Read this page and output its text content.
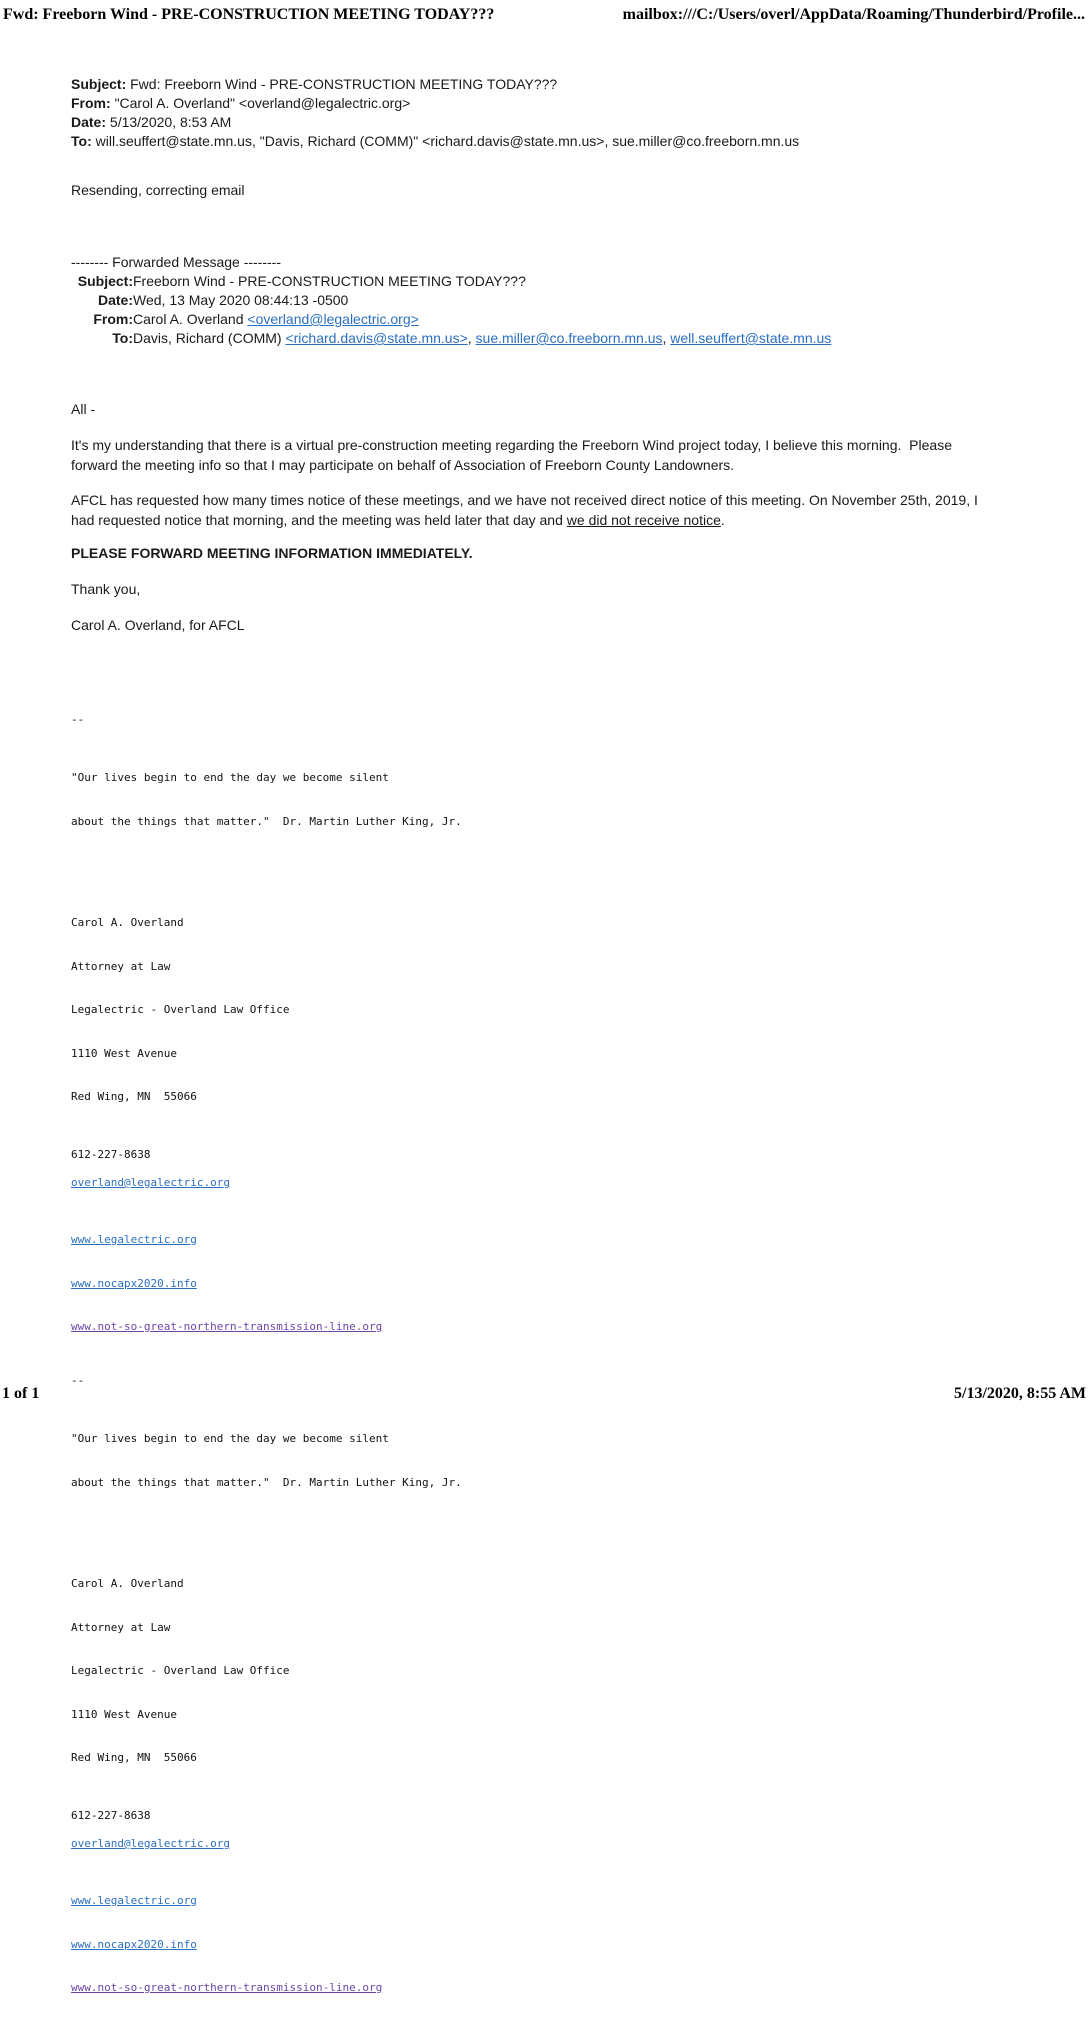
Fwd: Freeborn Wind - PRE-CONSTRUCTION MEETING TODAY???	mailbox:///C:/Users/overl/AppData/Roaming/Thunderbird/Profile...
Subject: Fwd: Freeborn Wind - PRE-CONSTRUCTION MEETING TODAY???
From: "Carol A. Overland" <overland@legalectric.org>
Date: 5/13/2020, 8:53 AM
To: will.seuffert@state.mn.us, "Davis, Richard (COMM)" <richard.davis@state.mn.us>, sue.miller@co.freeborn.mn.us
Resending, correcting email
-------- Forwarded Message --------
Subject: Freeborn Wind - PRE-CONSTRUCTION MEETING TODAY???
Date: Wed, 13 May 2020 08:44:13 -0500
From: Carol A. Overland <overland@legalectric.org>
To: Davis, Richard (COMM) <richard.davis@state.mn.us>, sue.miller@co.freeborn.mn.us, well.seuffert@state.mn.us
All -
It's my understanding that there is a virtual pre-construction meeting regarding the Freeborn Wind project today, I believe this morning.  Please
forward the meeting info so that I may participate on behalf of Association of Freeborn County Landowners.
AFCL has requested how many times notice of these meetings, and we have not received direct notice of this meeting. On November 25th, 2019, I
had requested notice that morning, and the meeting was held later that day and we did not receive notice.
PLEASE FORWARD MEETING INFORMATION IMMEDIATELY.
Thank you,
Carol A. Overland, for AFCL
--

"Our lives begin to end the day we become silent

about the things that matter."  Dr. Martin Luther King, Jr.

Carol A. Overland

Attorney at Law

Legalectric - Overland Law Office

1110 West Avenue

Red Wing, MN  55066

612-227-8638
overland@legalectric.org

www.legalectric.org

www.nocapx2020.info

www.not-so-great-northern-transmission-line.org

--

"Our lives begin to end the day we become silent

about the things that matter."  Dr. Martin Luther King, Jr.

Carol A. Overland

Attorney at Law

Legalectric - Overland Law Office

1110 West Avenue

Red Wing, MN  55066

612-227-8638
overland@legalectric.org

www.legalectric.org

www.nocapx2020.info

www.not-so-great-northern-transmission-line.org

1 of 1	5/13/2020, 8:55 AM
